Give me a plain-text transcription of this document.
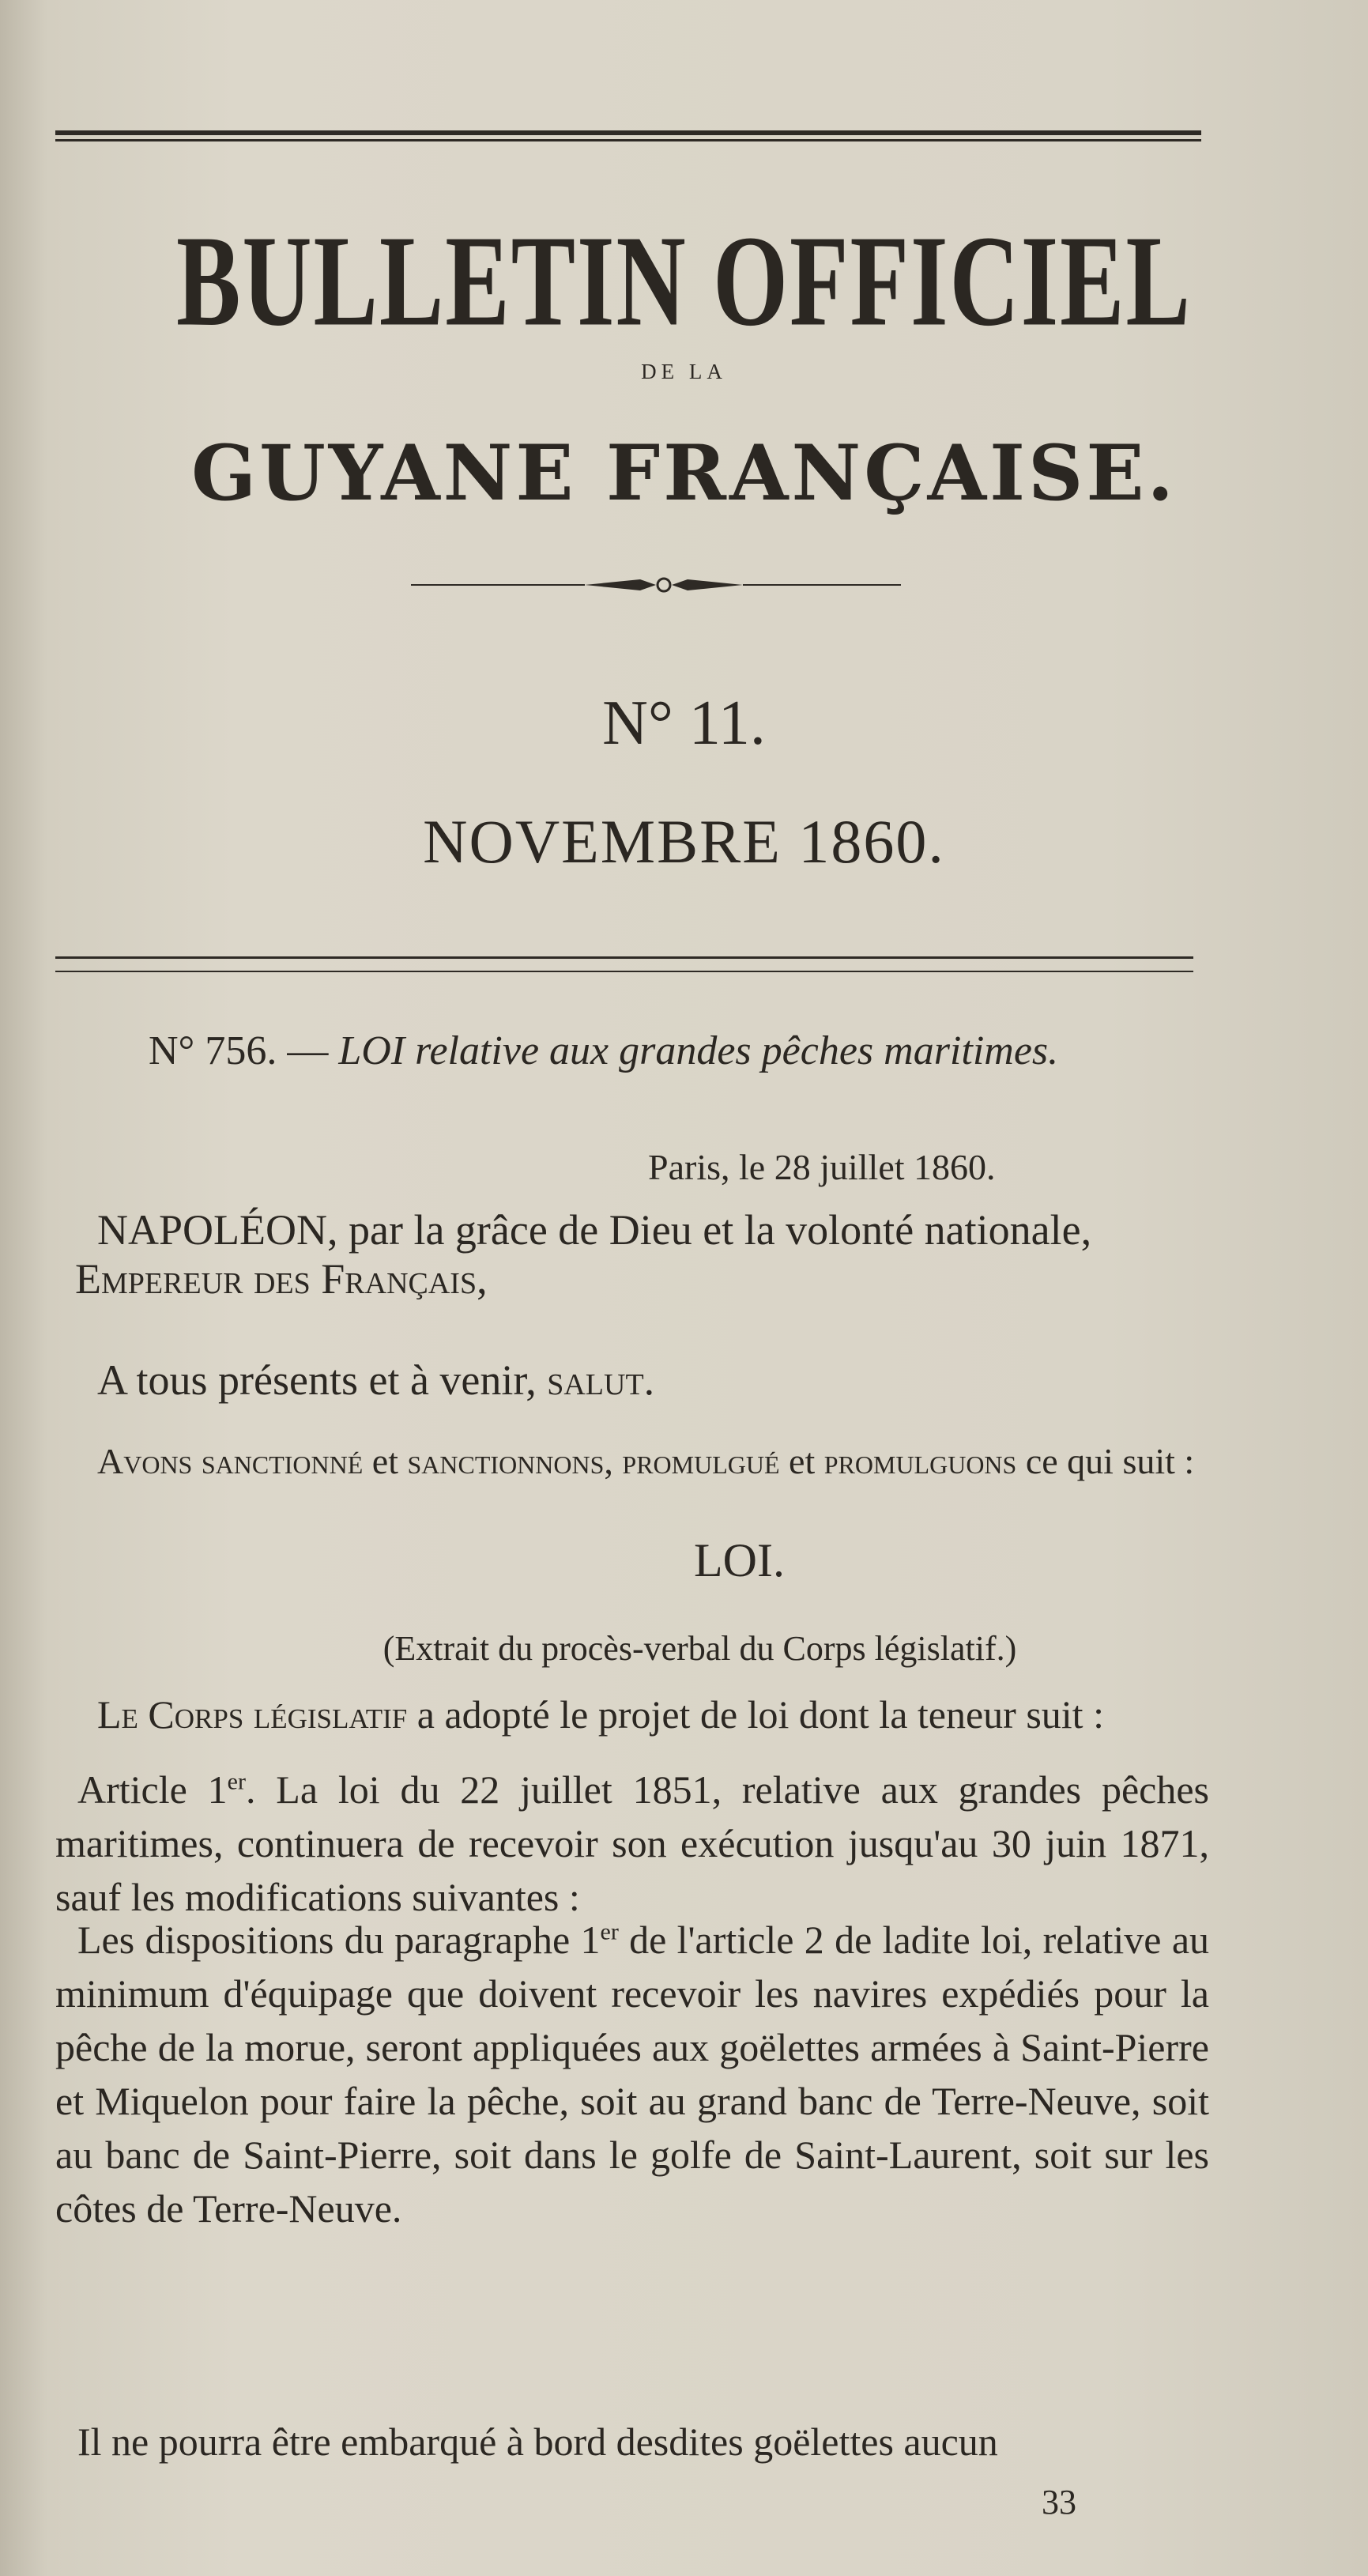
BULLETIN OFFICIEL
DE LA
GUYANE FRANÇAISE.
N° 11.
NOVEMBRE 1860.
N° 756. — LOI relative aux grandes pêches maritimes.
Paris, le 28 juillet 1860.
NAPOLÉON, par la grâce de Dieu et la volonté nationale,
Empereur des Français,
A tous présents et à venir, salut.
Avons sanctionné et sanctionnons, promulgué et promulguons ce qui suit :
LOI.
(Extrait du procès-verbal du Corps législatif.)
Le Corps législatif a adopté le projet de loi dont la teneur suit :
Article 1er. La loi du 22 juillet 1851, relative aux grandes pêches maritimes, continuera de recevoir son exécution jusqu'au 30 juin 1871, sauf les modifications suivantes :
Les dispositions du paragraphe 1er de l'article 2 de ladite loi, relative au minimum d'équipage que doivent recevoir les navires expédiés pour la pêche de la morue, seront appliquées aux goëlettes armées à Saint-Pierre et Miquelon pour faire la pêche, soit au grand banc de Terre-Neuve, soit au banc de Saint-Pierre, soit dans le golfe de Saint-Laurent, soit sur les côtes de Terre-Neuve.
Il ne pourra être embarqué à bord desdites goëlettes aucun
33
